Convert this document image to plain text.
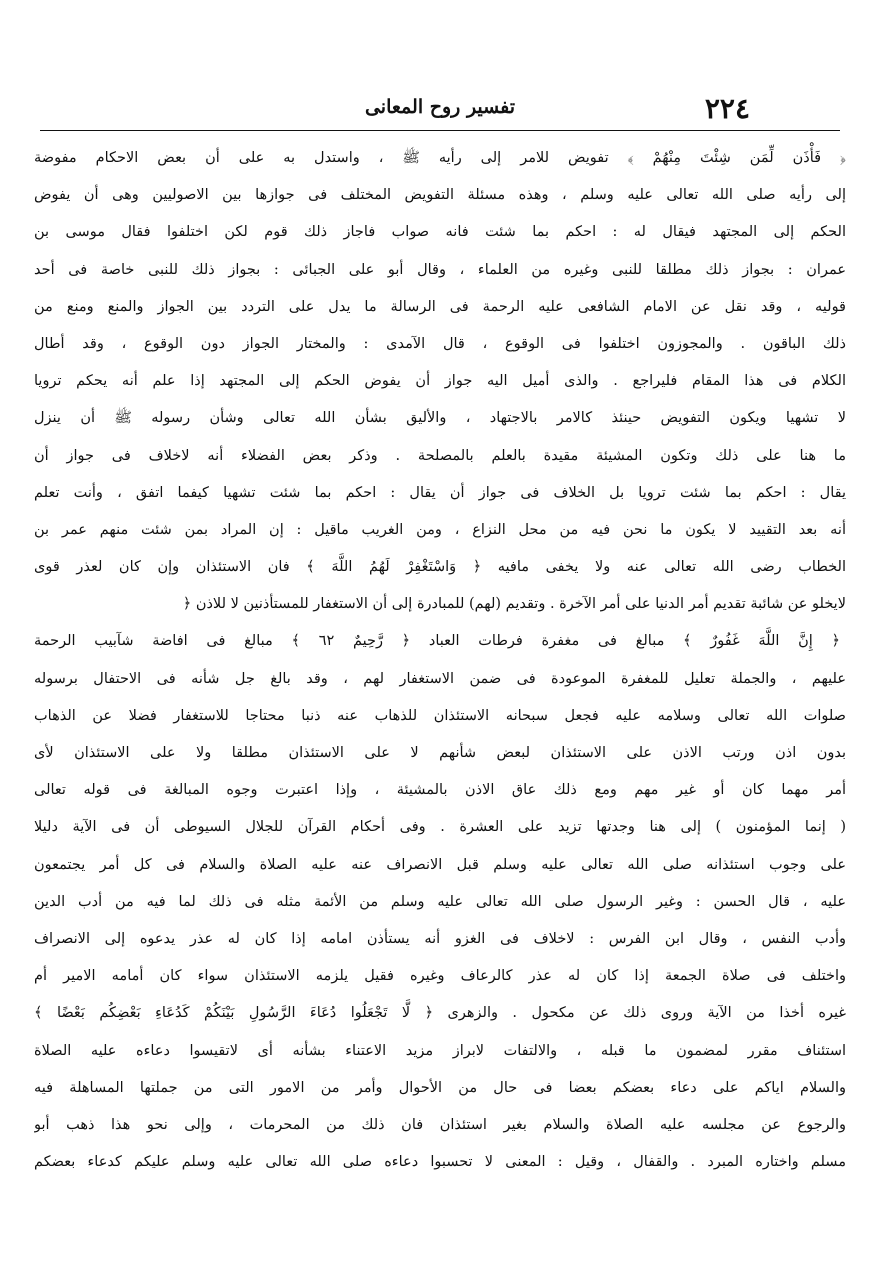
٢٢٤
تفسير روح المعانى
﴿ فَأْذَن لِّمَن شِئْتَ مِنْهُمْ ﴾ تفويض للامر إلى رأيه ﷺ ، واستدل به على أن بعض الاحكام مفوضة
إلى رأيه صلى الله تعالى عليه وسلم ، وهذه مسئلة التفويض المختلف فى جوازها بين الاصوليين وهى أن يفوض
الحكم إلى المجتهد فيقال له : احكم بما شئت فانه صواب فاجاز ذلك قوم لكن اختلفوا فقال موسى بن
عمران : بجواز ذلك مطلقا للنبى وغيره من العلماء ، وقال أبو على الجبائى : بجواز ذلك للنبى خاصة فى أحد
قوليه ، وقد نقل عن الامام الشافعى عليه الرحمة فى الرسالة ما يدل على التردد بين الجواز والمنع ومنع من
ذلك الباقون . والمجوزون اختلفوا فى الوقوع ، قال الآمدى : والمختار الجواز دون الوقوع ، وقد أطال
الكلام فى هذا المقام فليراجع . والذى أميل اليه جواز أن يفوض الحكم إلى المجتهد إذا علم أنه يحكم ترويا
لا تشهيا ويكون التفويض حينئذ كالامر بالاجتهاد ، والأليق بشأن الله تعالى وشأن رسوله ﷺ أن ينزل
ما هنا على ذلك وتكون المشيئة مقيدة بالعلم بالمصلحة . وذكر بعض الفضلاء أنه لاخلاف فى جواز أن
يقال : احكم بما شئت ترويا بل الخلاف فى جواز أن يقال : احكم بما شئت تشهيا كيفما اتفق ، وأنت تعلم
أنه بعد التقييد لا يكون ما نحن فيه من محل النزاع ، ومن الغريب ماقيل : إن المراد بمن شئت منهم عمر بن
الخطاب رضى الله تعالى عنه ولا يخفى مافيه ﴿ وَاسْتَغْفِرْ لَهُمُ اللَّهَ ﴾ فان الاستئذان وإن كان لعذر قوى
لايخلو عن شائبة تقديم أمر الدنيا على أمر الآخرة . وتقديم (لهم) للمبادرة إلى أن الاستغفار للمستأذنين لا للاذن ﴿
﴿ إِنَّ اللَّهَ غَفُورٌ ﴾ مبالغ فى مغفرة فرطات العباد ﴿ رَّحِيمٌ ٦٢ ﴾ مبالغ فى افاضة شآبيب الرحمة
عليهم ، والجملة تعليل للمغفرة الموعودة فى ضمن الاستغفار لهم ، وقد بالغ جل شأنه فى الاحتفال برسوله
صلوات الله تعالى وسلامه عليه فجعل سبحانه الاستئذان للذهاب عنه ذنبا محتاجا للاستغفار فضلا عن الذهاب
بدون اذن ورتب الاذن على الاستئذان لبعض شأنهم لا على الاستئذان مطلقا ولا على الاستئذان لأى
أمر مهما كان أو غير مهم ومع ذلك عاق الاذن بالمشيئة ، وإذا اعتبرت وجوه المبالغة فى قوله تعالى
( إنما المؤمنون ) إلى هنا وجدتها تزيد على العشرة . وفى أحكام القرآن للجلال السيوطى أن فى الآية دليلا
على وجوب استئذانه صلى الله تعالى عليه وسلم قبل الانصراف عنه عليه الصلاة والسلام فى كل أمر يجتمعون
عليه ، قال الحسن : وغير الرسول صلى الله تعالى عليه وسلم من الأئمة مثله فى ذلك لما فيه من أدب الدين
وأدب النفس ، وقال ابن الفرس : لاخلاف فى الغزو أنه يستأذن امامه إذا كان له عذر يدعوه إلى الانصراف
واختلف فى صلاة الجمعة إذا كان له عذر كالرعاف وغيره فقيل يلزمه الاستئذان سواء كان أمامه الامير أم
غيره أخذا من الآية وروى ذلك عن مكحول . والزهرى ﴿ لَّا تَجْعَلُوا دُعَاءَ الرَّسُولِ بَيْنَكُمْ كَدُعَاءِ بَعْضِكُم بَعْضًا ﴾
استئناف مقرر لمضمون ما قبله ، والالتفات لابراز مزيد الاعتناء بشأنه أى لاتقيسوا دعاءه عليه الصلاة
والسلام اياكم على دعاء بعضكم بعضا فى حال من الأحوال وأمر من الامور التى من جملتها المساهلة فيه
والرجوع عن مجلسه عليه الصلاة والسلام بغير استئذان فان ذلك من المحرمات ، وإلى نحو هذا ذهب أبو
مسلم واختاره المبرد . والقفال ، وقيل : المعنى لا تحسبوا دعاءه صلى الله تعالى عليه وسلم عليكم كدعاء بعضكم
